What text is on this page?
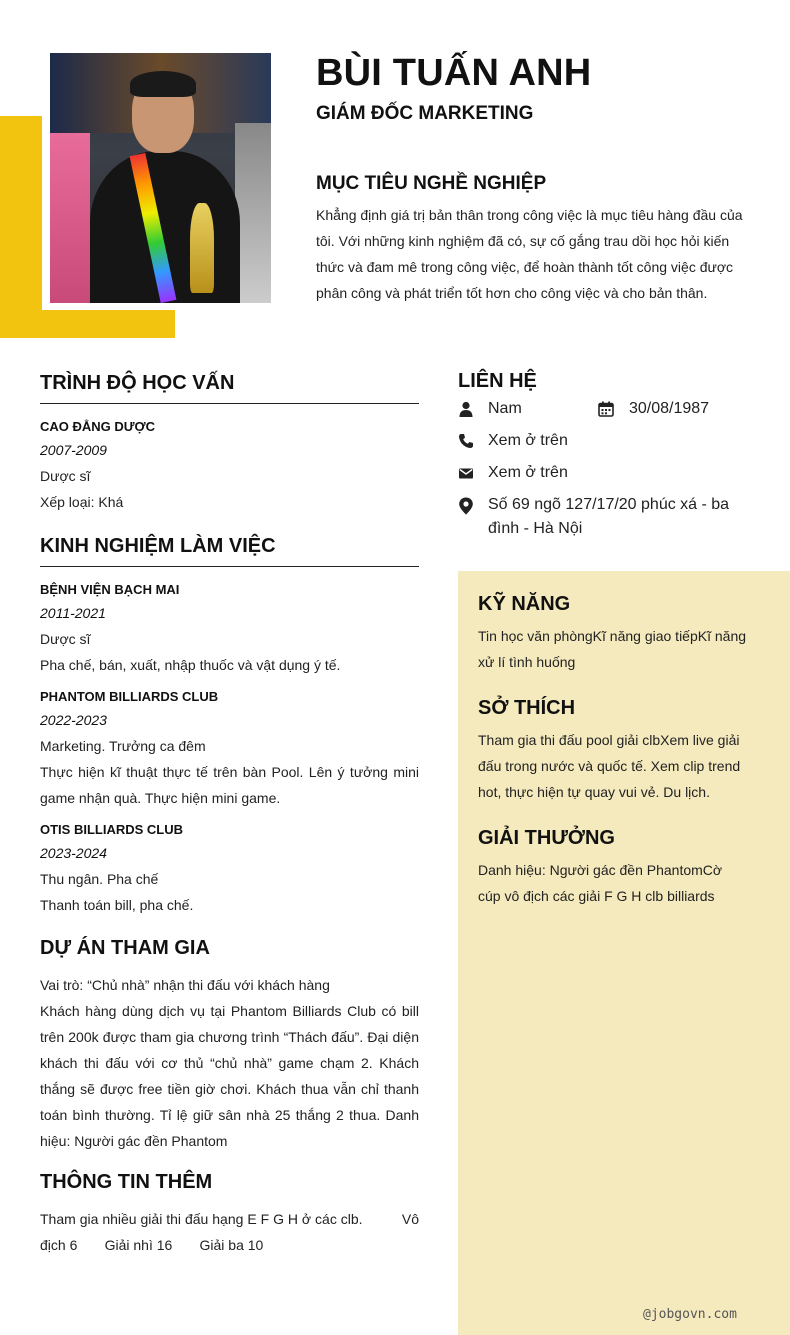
BÙI TUẤN ANH
GIÁM ĐỐC MARKETING
MỤC TIÊU NGHỀ NGHIỆP
Khẳng định giá trị bản thân trong công việc là mục tiêu hàng đầu của tôi. Với những kinh nghiệm đã có, sự cố gắng trau dồi học hỏi kiến thức và đam mê trong công việc, để hoàn thành tốt công việc được phân công và phát triển tốt hơn cho công việc và cho bản thân.
TRÌNH ĐỘ HỌC VẤN
CAO ĐẲNG DƯỢC
2007-2009
Dược sĩ
Xếp loại: Khá
KINH NGHIỆM LÀM VIỆC
BỆNH VIỆN BẠCH MAI
2011-2021
Dược sĩ
Pha chế, bán, xuất, nhập thuốc và vật dụng ý tế.
PHANTOM BILLIARDS CLUB
2022-2023
Marketing. Trưởng ca đêm
Thực hiện kĩ thuật thực tế trên bàn Pool. Lên ý tưởng mini game nhận quà. Thực hiện mini game.
OTIS BILLIARDS CLUB
2023-2024
Thu ngân. Pha chế
Thanh toán bill, pha chế.
DỰ ÁN THAM GIA
Vai trò: “Chủ nhà” nhận thi đấu với khách hàng
Khách hàng dùng dịch vụ tại Phantom Billiards Club có bill trên 200k được tham gia chương trình “Thách đấu”. Đại diện khách thi đấu với cơ thủ “chủ nhà” game chạm 2. Khách thắng sẽ được free tiền giờ chơi. Khách thua vẫn chỉ thanh toán bình thường. Tỉ lệ giữ sân nhà 25 thắng 2 thua. Danh hiệu: Người gác đền Phantom
THÔNG TIN THÊM
Tham gia nhiều giải thi đấu hạng E F G H ở các clb.          Vô địch 6       Giải nhì 16       Giải ba 10
LIÊN HỆ
Nam	30/08/1987
Xem ở trên
Xem ở trên
Số 69 ngõ 127/17/20 phúc xá - ba đình - Hà Nội
KỸ NĂNG
Tin học văn phòngKĩ năng giao tiếpKĩ năng xử lí tình huống
SỞ THÍCH
Tham gia thi đấu pool giải clbXem live giải đấu trong nước và quốc tế. Xem clip trend hot, thực hiện tự quay vui vẻ. Du lịch.
GIẢI THƯỞNG
Danh hiệu: Người gác đền PhantomCờ cúp vô địch các giải F G H clb billiards
@jobgovn.com
